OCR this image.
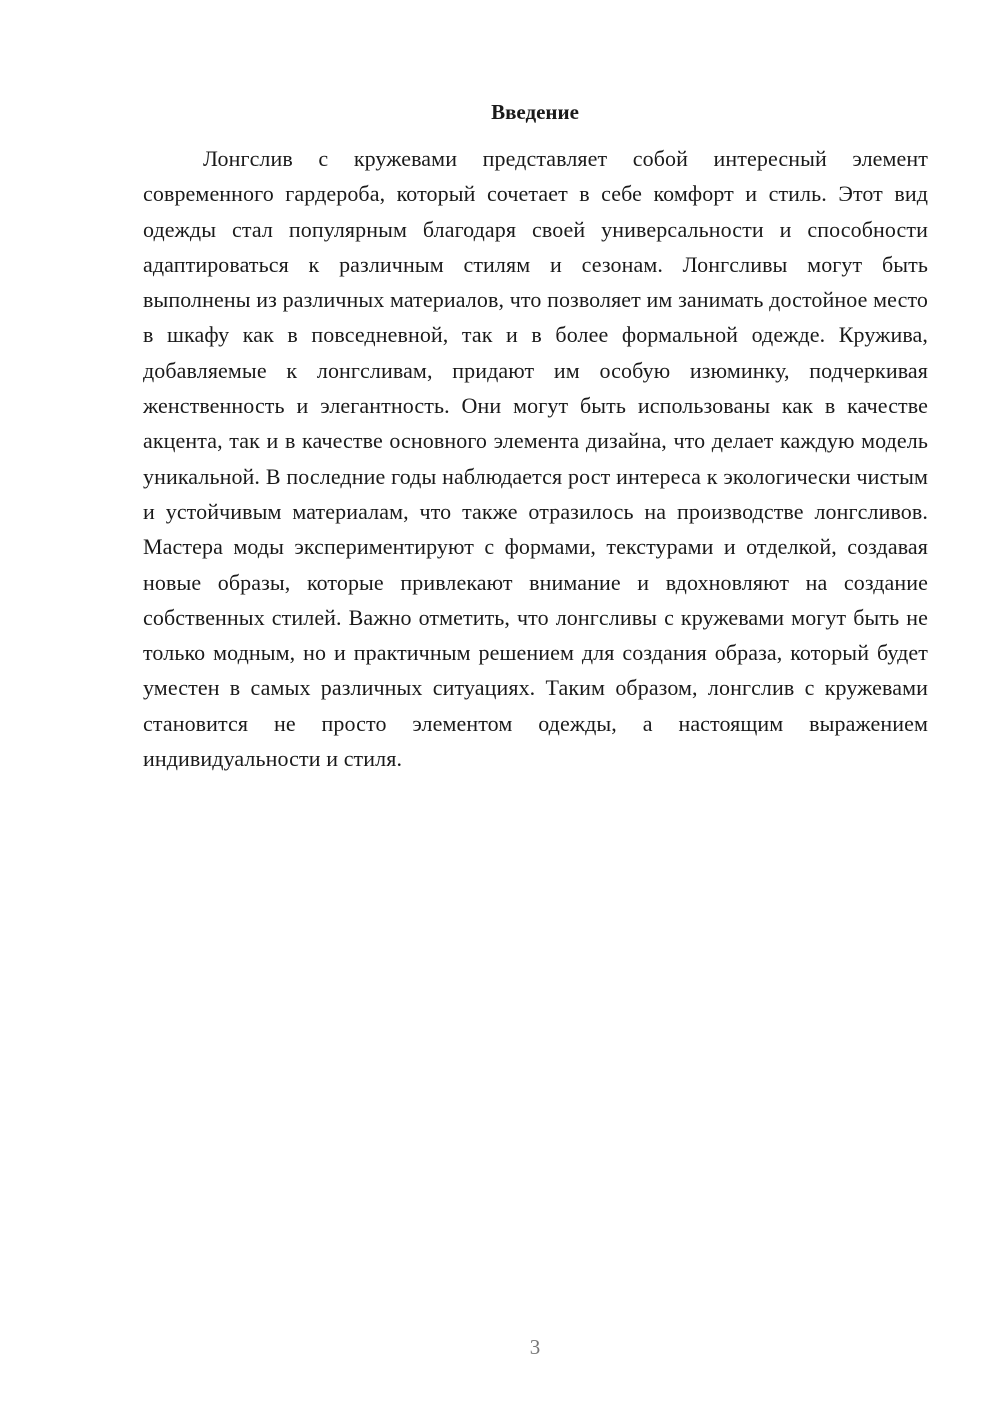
Введение

Лонгслив с кружевами представляет собой интересный элемент современного гардероба, который сочетает в себе комфорт и стиль. Этот вид одежды стал популярным благодаря своей универсальности и способности адаптироваться к различным стилям и сезонам. Лонгсливы могут быть выполнены из различных материалов, что позволяет им занимать достойное место в шкафу как в повседневной, так и в более формальной одежде. Кружива, добавляемые к лонгсливам, придают им особую изюминку, подчеркивая женственность и элегантность. Они могут быть использованы как в качестве акцента, так и в качестве основного элемента дизайна, что делает каждую модель уникальной. В последние годы наблюдается рост интереса к экологически чистым и устойчивым материалам, что также отразилось на производстве лонгсливов. Мастера моды экспериментируют с формами, текстурами и отделкой, создавая новые образы, которые привлекают внимание и вдохновляют на создание собственных стилей. Важно отметить, что лонгсливы с кружевами могут быть не только модным, но и практичным решением для создания образа, который будет уместен в самых различных ситуациях. Таким образом, лонгслив с кружевами становится не просто элементом одежды, а настоящим выражением индивидуальности и стиля.

3
